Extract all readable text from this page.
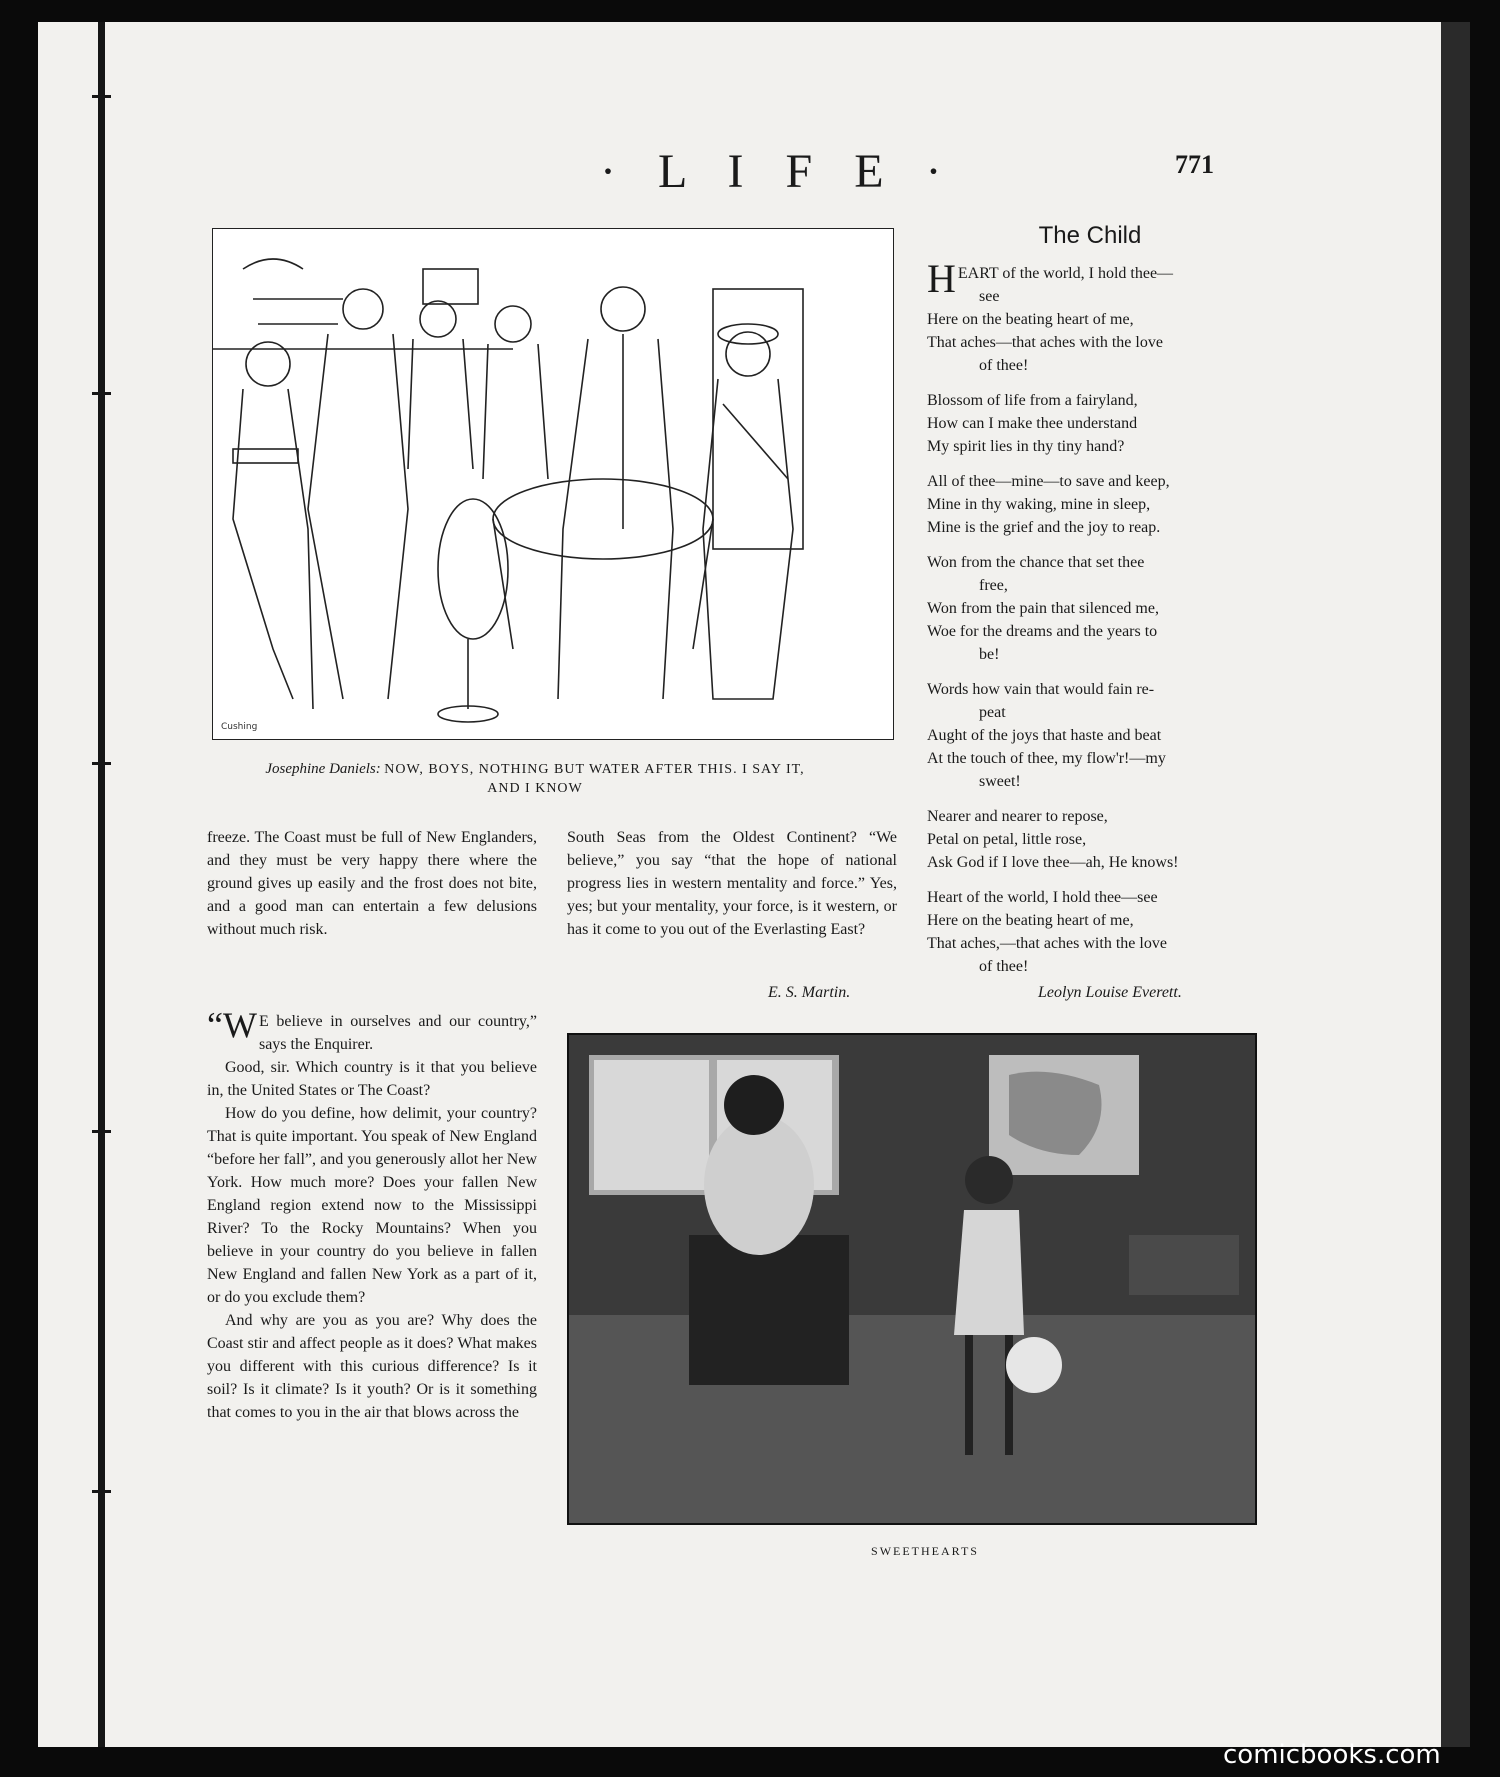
· L I F E ·	771
Cushing
Josephine Daniels: NOW, BOYS, NOTHING BUT WATER AFTER THIS. I SAY IT,
AND I KNOW
The Child
HEART of the world, I hold thee—
see
Here on the beating heart of me,
That aches—that aches with the love
of thee!
Blossom of life from a fairyland,
How can I make thee understand
My spirit lies in thy tiny hand?
All of thee—mine—to save and keep,
Mine in thy waking, mine in sleep,
Mine is the grief and the joy to reap.
Won from the chance that set thee
free,
Won from the pain that silenced me,
Woe for the dreams and the years to
be!
Words how vain that would fain re-
peat
Aught of the joys that haste and beat
At the touch of thee, my flow'r!—my
sweet!
Nearer and nearer to repose,
Petal on petal, little rose,
Ask God if I love thee—ah, He knows!
Heart of the world, I hold thee—see
Here on the beating heart of me,
That aches,—that aches with the love
of thee!
Leolyn Louise Everett.

freeze. The Coast must be full of New Englanders, and they must be very happy there where the ground gives up easily and the frost does not bite, and a good man can entertain a few delusions without much risk.

South Seas from the Oldest Continent? “We believe,” you say “that the hope of national progress lies in western mentality and force.” Yes, yes; but your mentality, your force, is it western, or has it come to you out of the Everlasting East?

E. S. Martin.

“W E believe in ourselves and our country,” says the Enquirer.

Good, sir. Which country is it that you believe in, the United States or The Coast?

How do you define, how delimit, your country? That is quite important. You speak of New England “before her fall”, and you generously allot her New York. How much more? Does your fallen New England region extend now to the Mississippi River? To the Rocky Mountains? When you believe in your country do you believe in fallen New England and fallen New York as a part of it, or do you exclude them?

And why are you as you are? Why does the Coast stir and affect people as it does? What makes you different with this curious difference? Is it soil? Is it climate? Is it youth? Or is it something that comes to you in the air that blows across the

SWEETHEARTS
comicbooks.com
